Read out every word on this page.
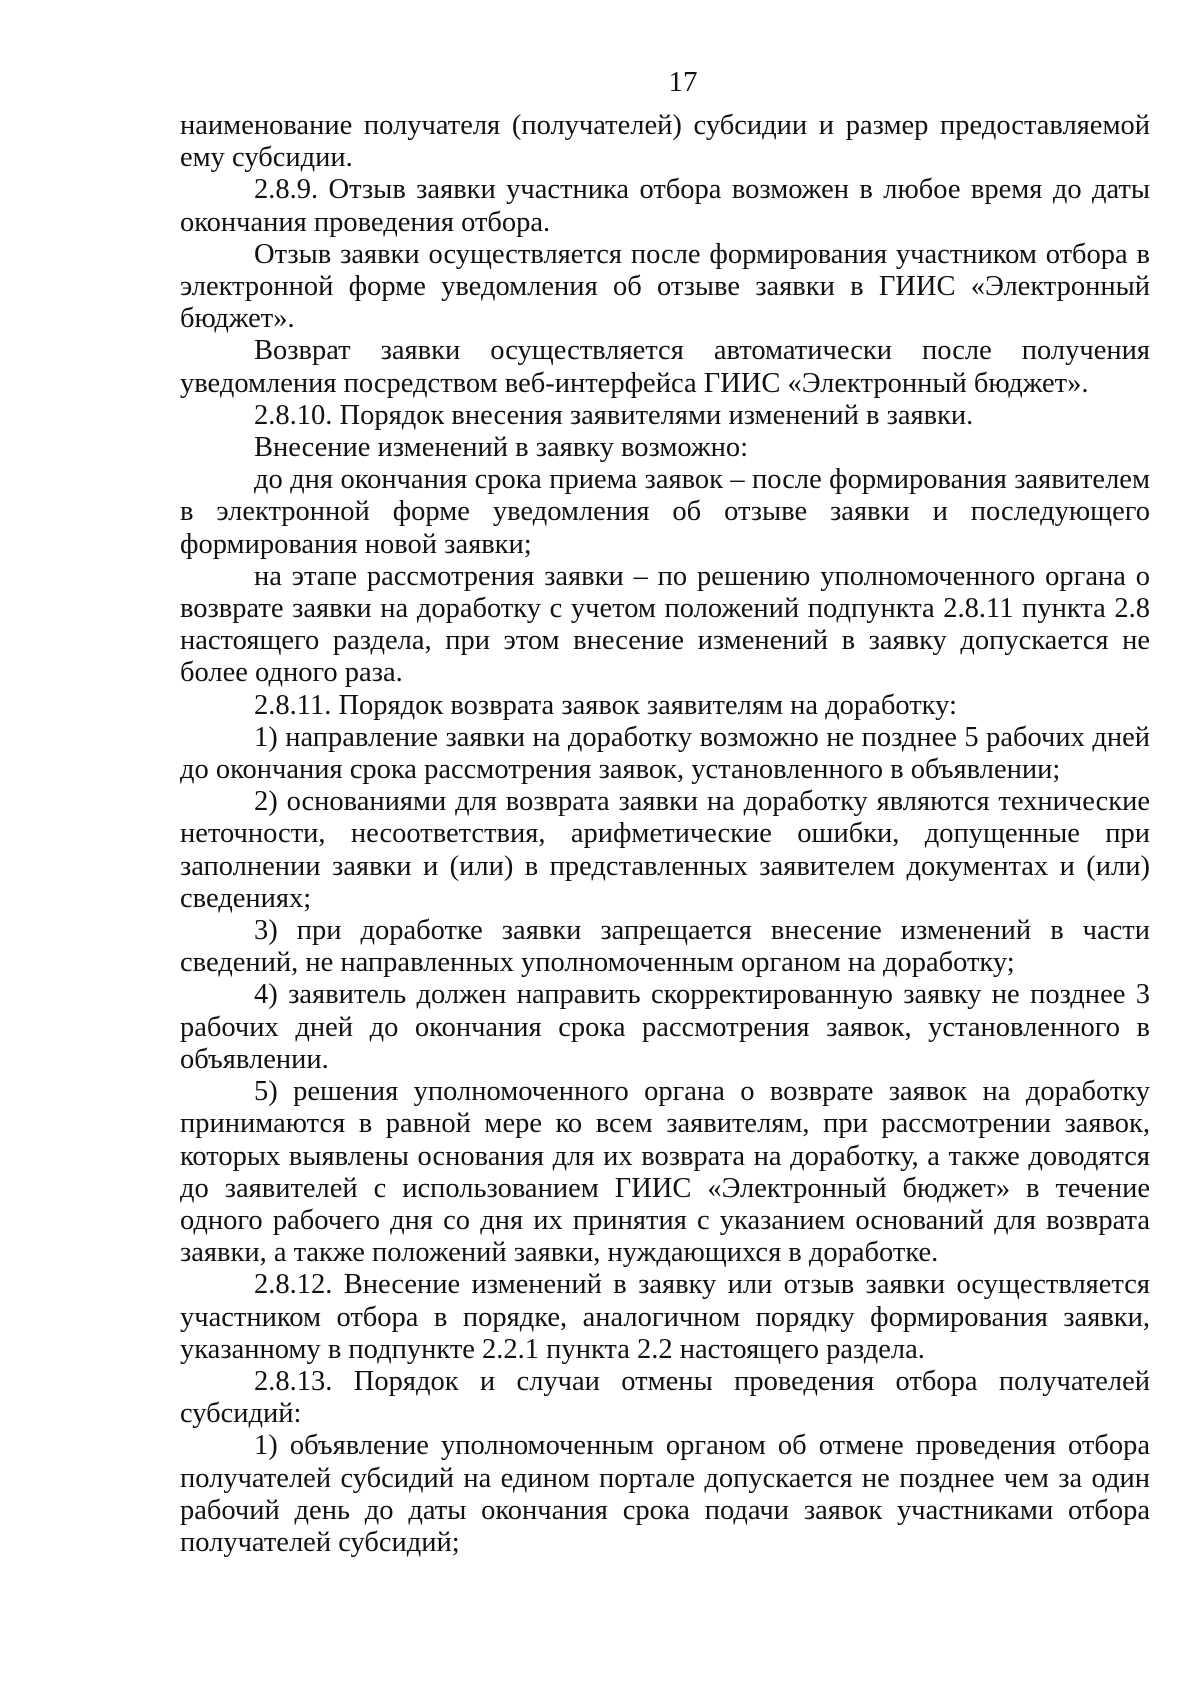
17

наименование получателя (получателей) субсидии и размер предоставляемой ему субсидии.

2.8.9. Отзыв заявки участника отбора возможен в любое время до даты окончания проведения отбора.

Отзыв заявки осуществляется после формирования участником отбора в электронной форме уведомления об отзыве заявки в ГИИС «Электронный бюджет».

Возврат заявки осуществляется автоматически после получения уведомления посредством веб-интерфейса ГИИС «Электронный бюджет».

2.8.10. Порядок внесения заявителями изменений в заявки.

Внесение изменений в заявку возможно:

до дня окончания срока приема заявок – после формирования заявителем в электронной форме уведомления об отзыве заявки и последующего формирования новой заявки;

на этапе рассмотрения заявки – по решению уполномоченного органа о возврате заявки на доработку с учетом положений подпункта 2.8.11 пункта 2.8 настоящего раздела, при этом внесение изменений в заявку допускается не более одного раза.

2.8.11. Порядок возврата заявок заявителям на доработку:

1) направление заявки на доработку возможно не позднее 5 рабочих дней до окончания срока рассмотрения заявок, установленного в объявлении;

2) основаниями для возврата заявки на доработку являются технические неточности, несоответствия, арифметические ошибки, допущенные при заполнении заявки и (или) в представленных заявителем документах и (или) сведениях;

3) при доработке заявки запрещается внесение изменений в части сведений, не направленных уполномоченным органом на доработку;

4) заявитель должен направить скорректированную заявку не позднее 3 рабочих дней до окончания срока рассмотрения заявок, установленного в объявлении.

5) решения уполномоченного органа о возврате заявок на доработку принимаются в равной мере ко всем заявителям, при рассмотрении заявок, которых выявлены основания для их возврата на доработку, а также доводятся до заявителей с использованием ГИИС «Электронный бюджет» в течение одного рабочего дня со дня их принятия с указанием оснований для возврата заявки, а также положений заявки, нуждающихся в доработке.

2.8.12. Внесение изменений в заявку или отзыв заявки осуществляется участником отбора в порядке, аналогичном порядку формирования заявки, указанному в подпункте 2.2.1 пункта 2.2 настоящего раздела.

2.8.13. Порядок и случаи отмены проведения отбора получателей субсидий:

1) объявление уполномоченным органом об отмене проведения отбора получателей субсидий на едином портале допускается не позднее чем за один рабочий день до даты окончания срока подачи заявок участниками отбора получателей субсидий;
